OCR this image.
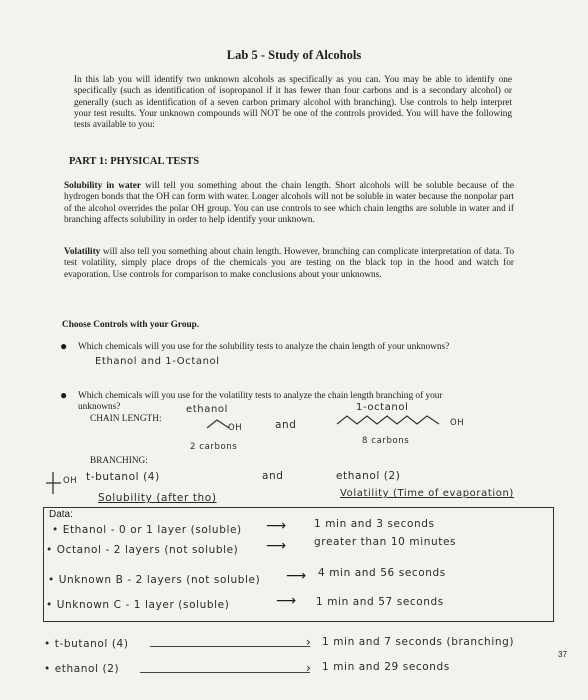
Lab 5 - Study of Alcohols
In this lab you will identify two unknown alcohols as specifically as you can. You may be able to identify one specifically (such as identification of isopropanol if it has fewer than four carbons and is a secondary alcohol) or generally (such as identification of a seven carbon primary alcohol with branching). Use controls to help interpret your test results. Your unknown compounds will NOT be one of the controls provided. You will have the following tests available to you:
PART 1: PHYSICAL TESTS
Solubility in water will tell you something about the chain length. Short alcohols will be soluble because of the hydrogen bonds that the OH can form with water. Longer alcohols will not be soluble in water because the nonpolar part of the alcohol overrides the polar OH group. You can use controls to see which chain lengths are soluble in water and if branching affects solubility in order to help identify your unknown.
Volatility will also tell you something about chain length. However, branching can complicate interpretation of data. To test volatility, simply place drops of the chemicals you are testing on the black top in the hood and watch for evaporation. Use controls for comparison to make conclusions about your unknowns.
Choose Controls with your Group.
● Which chemicals will you use for the solubility tests to analyze the chain length of your unknowns?
Ethanol and 1-Octanol
● Which chemicals will you use for the volatility tests to analyze the chain length branching of your
unknowns?
CHAIN LENGTH:
ethanol
OH
2 carbons
and
1-octanol
OH
8 carbons
BRANCHING:
OH t-butanol (4)	and	ethanol (2)
Solubility (after tho)	Volatility (Time of evaporation)
Data:
• Ethanol - 0 or 1 layer (soluble) ⟶	1 min and 3 seconds
• Octanol - 2 layers (not soluble) ⟶	greater than 10 minutes
• Unknown B - 2 layers (not soluble) ⟶ 4 min and 56 seconds
• Unknown C - 1 layer (soluble)	⟶ 1 min and 57 seconds
• t-butanol (4)	› 1 min and 7 seconds (branching)
• ethanol (2)	› 1 min and 29 seconds
37
